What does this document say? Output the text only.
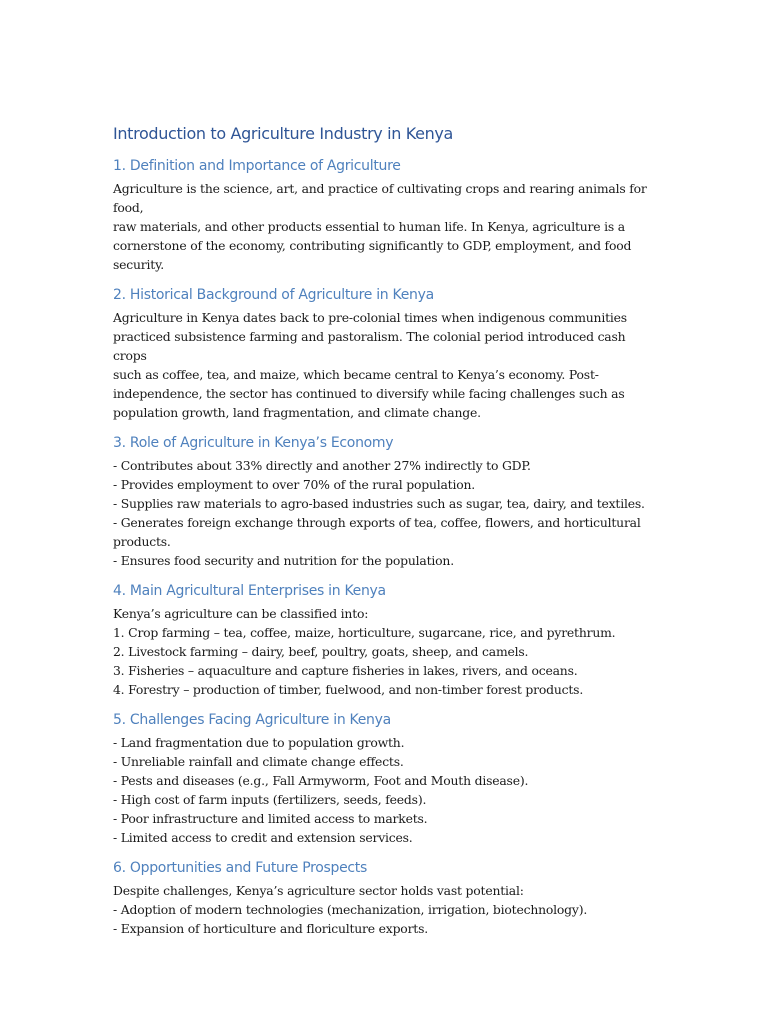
Introduction to Agriculture Industry in Kenya
1. Definition and Importance of Agriculture
Agriculture is the science, art, and practice of cultivating crops and rearing animals for food,
raw materials, and other products essential to human life. In Kenya, agriculture is a
cornerstone of the economy, contributing significantly to GDP, employment, and food
security.
2. Historical Background of Agriculture in Kenya
Agriculture in Kenya dates back to pre-colonial times when indigenous communities
practiced subsistence farming and pastoralism. The colonial period introduced cash crops
such as coffee, tea, and maize, which became central to Kenya’s economy. Post-
independence, the sector has continued to diversify while facing challenges such as
population growth, land fragmentation, and climate change.
3. Role of Agriculture in Kenya’s Economy
- Contributes about 33% directly and another 27% indirectly to GDP.
- Provides employment to over 70% of the rural population.
- Supplies raw materials to agro-based industries such as sugar, tea, dairy, and textiles.
- Generates foreign exchange through exports of tea, coffee, flowers, and horticultural
products.
- Ensures food security and nutrition for the population.
4. Main Agricultural Enterprises in Kenya
Kenya’s agriculture can be classified into:
1. Crop farming – tea, coffee, maize, horticulture, sugarcane, rice, and pyrethrum.
2. Livestock farming – dairy, beef, poultry, goats, sheep, and camels.
3. Fisheries – aquaculture and capture fisheries in lakes, rivers, and oceans.
4. Forestry – production of timber, fuelwood, and non-timber forest products.
5. Challenges Facing Agriculture in Kenya
- Land fragmentation due to population growth.
- Unreliable rainfall and climate change effects.
- Pests and diseases (e.g., Fall Armyworm, Foot and Mouth disease).
- High cost of farm inputs (fertilizers, seeds, feeds).
- Poor infrastructure and limited access to markets.
- Limited access to credit and extension services.
6. Opportunities and Future Prospects
Despite challenges, Kenya’s agriculture sector holds vast potential:
- Adoption of modern technologies (mechanization, irrigation, biotechnology).
- Expansion of horticulture and floriculture exports.
